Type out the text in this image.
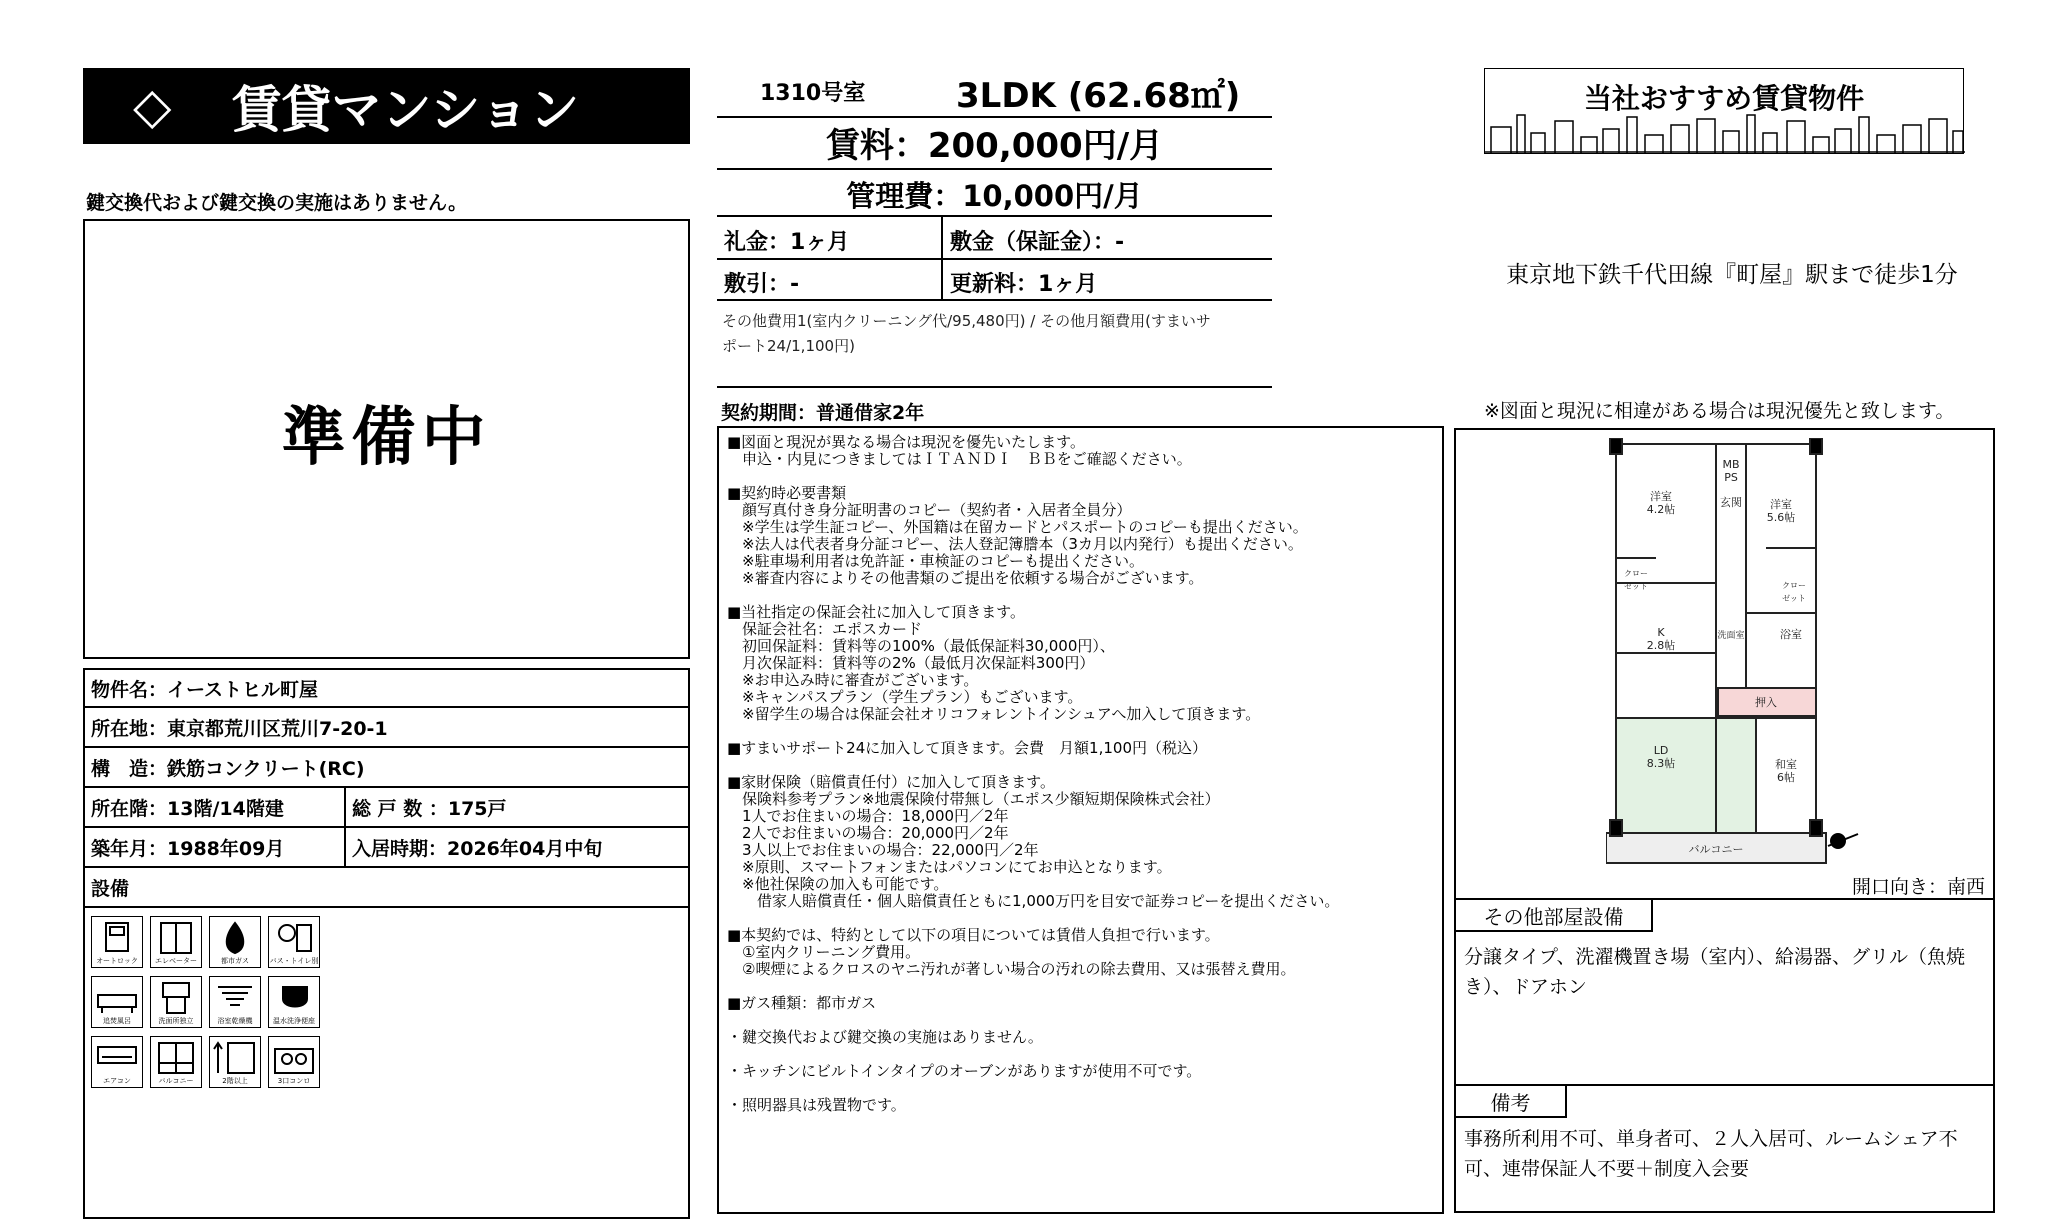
◇ 賃貸マンション
鍵交換代および鍵交換の実施はありません。
準備中
物件名：イーストヒル町屋
所在地：東京都荒川区荒川7-20-1
構　造：鉄筋コンクリート(RC)
所在階：13階/14階建	総 戸 数 ：175戸
築年月：1988年09月	入居時期：2026年04月中旬
設備
オートロック	エレベーター	都市ガス	バス・トイレ別
追焚風呂	洗面所独立	浴室乾燥機	温水洗浄便座
エアコン	バルコニー	2階以上	3口コンロ
1310号室	3LDK (62.68㎡)
賃料：200,000円/月
管理費：10,000円/月
礼金：1ヶ月	敷金（保証金）：-
敷引：-	更新料：1ヶ月
その他費用1(室内クリーニング代/95,480円) / その他月額費用(すまいサ
ポート24/1,100円)
契約期間：普通借家2年
■図面と現況が異なる場合は現況を優先いたします。
　申込・内見につきましてはＩＴＡＮＤＩ　ＢＢをご確認ください。

■契約時必要書類
　顔写真付き身分証明書のコピー（契約者・入居者全員分）
　※学生は学生証コピー、外国籍は在留カードとパスポートのコピーも提出ください。
　※法人は代表者身分証コピー、法人登記簿謄本（3カ月以内発行）も提出ください。
　※駐車場利用者は免許証・車検証のコピーも提出ください。
　※審査内容によりその他書類のご提出を依頼する場合がございます。

■当社指定の保証会社に加入して頂きます。
　保証会社名：エポスカード
　初回保証料：賃料等の100%（最低保証料30,000円）、
　月次保証料：賃料等の2%（最低月次保証料300円）
　※お申込み時に審査がございます。
　※キャンパスプラン（学生プラン）もございます。
　※留学生の場合は保証会社オリコフォレントインシュアへ加入して頂きます。

■すまいサポート24に加入して頂きます。会費　月額1,100円（税込）

■家財保険（賠償責任付）に加入して頂きます。
　保険料参考プラン※地震保険付帯無し（エポス少額短期保険株式会社）
　1人でお住まいの場合：18,000円／2年
　2人でお住まいの場合：20,000円／2年
　3人以上でお住まいの場合：22,000円／2年
　※原則、スマートフォンまたはパソコンにてお申込となります。
　※他社保険の加入も可能です。
　　借家人賠償責任・個人賠償責任ともに1,000万円を目安で証券コピーを提出ください。

■本契約では、特約として以下の項目については賃借人負担で行います。
　①室内クリーニング費用。
　②喫煙によるクロスのヤニ汚れが著しい場合の汚れの除去費用、又は張替え費用。

■ガス種類：都市ガス

・鍵交換代および鍵交換の実施はありません。

・キッチンにビルトインタイプのオーブンがありますが使用不可です。

・照明器具は残置物です。
当社おすすめ賃貸物件
東京地下鉄千代田線『町屋』駅まで徒歩1分
※図面と現況に相違がある場合は現況優先と致します。
洋室 4.2帖	洋室 5.6帖
玄関
MB PS
K 2.8帖
LD 8.3帖	和室 6帖
押入
浴室
洗面室
クローゼット	クローゼット
バルコニー
開口向き：南西
その他部屋設備
分譲タイプ、洗濯機置き場（室内）、給湯器、グリル（魚焼き）、ドアホン
備考
事務所利用不可、単身者可、２人入居可、ルームシェア不可、連帯保証人不要＋制度入会要
